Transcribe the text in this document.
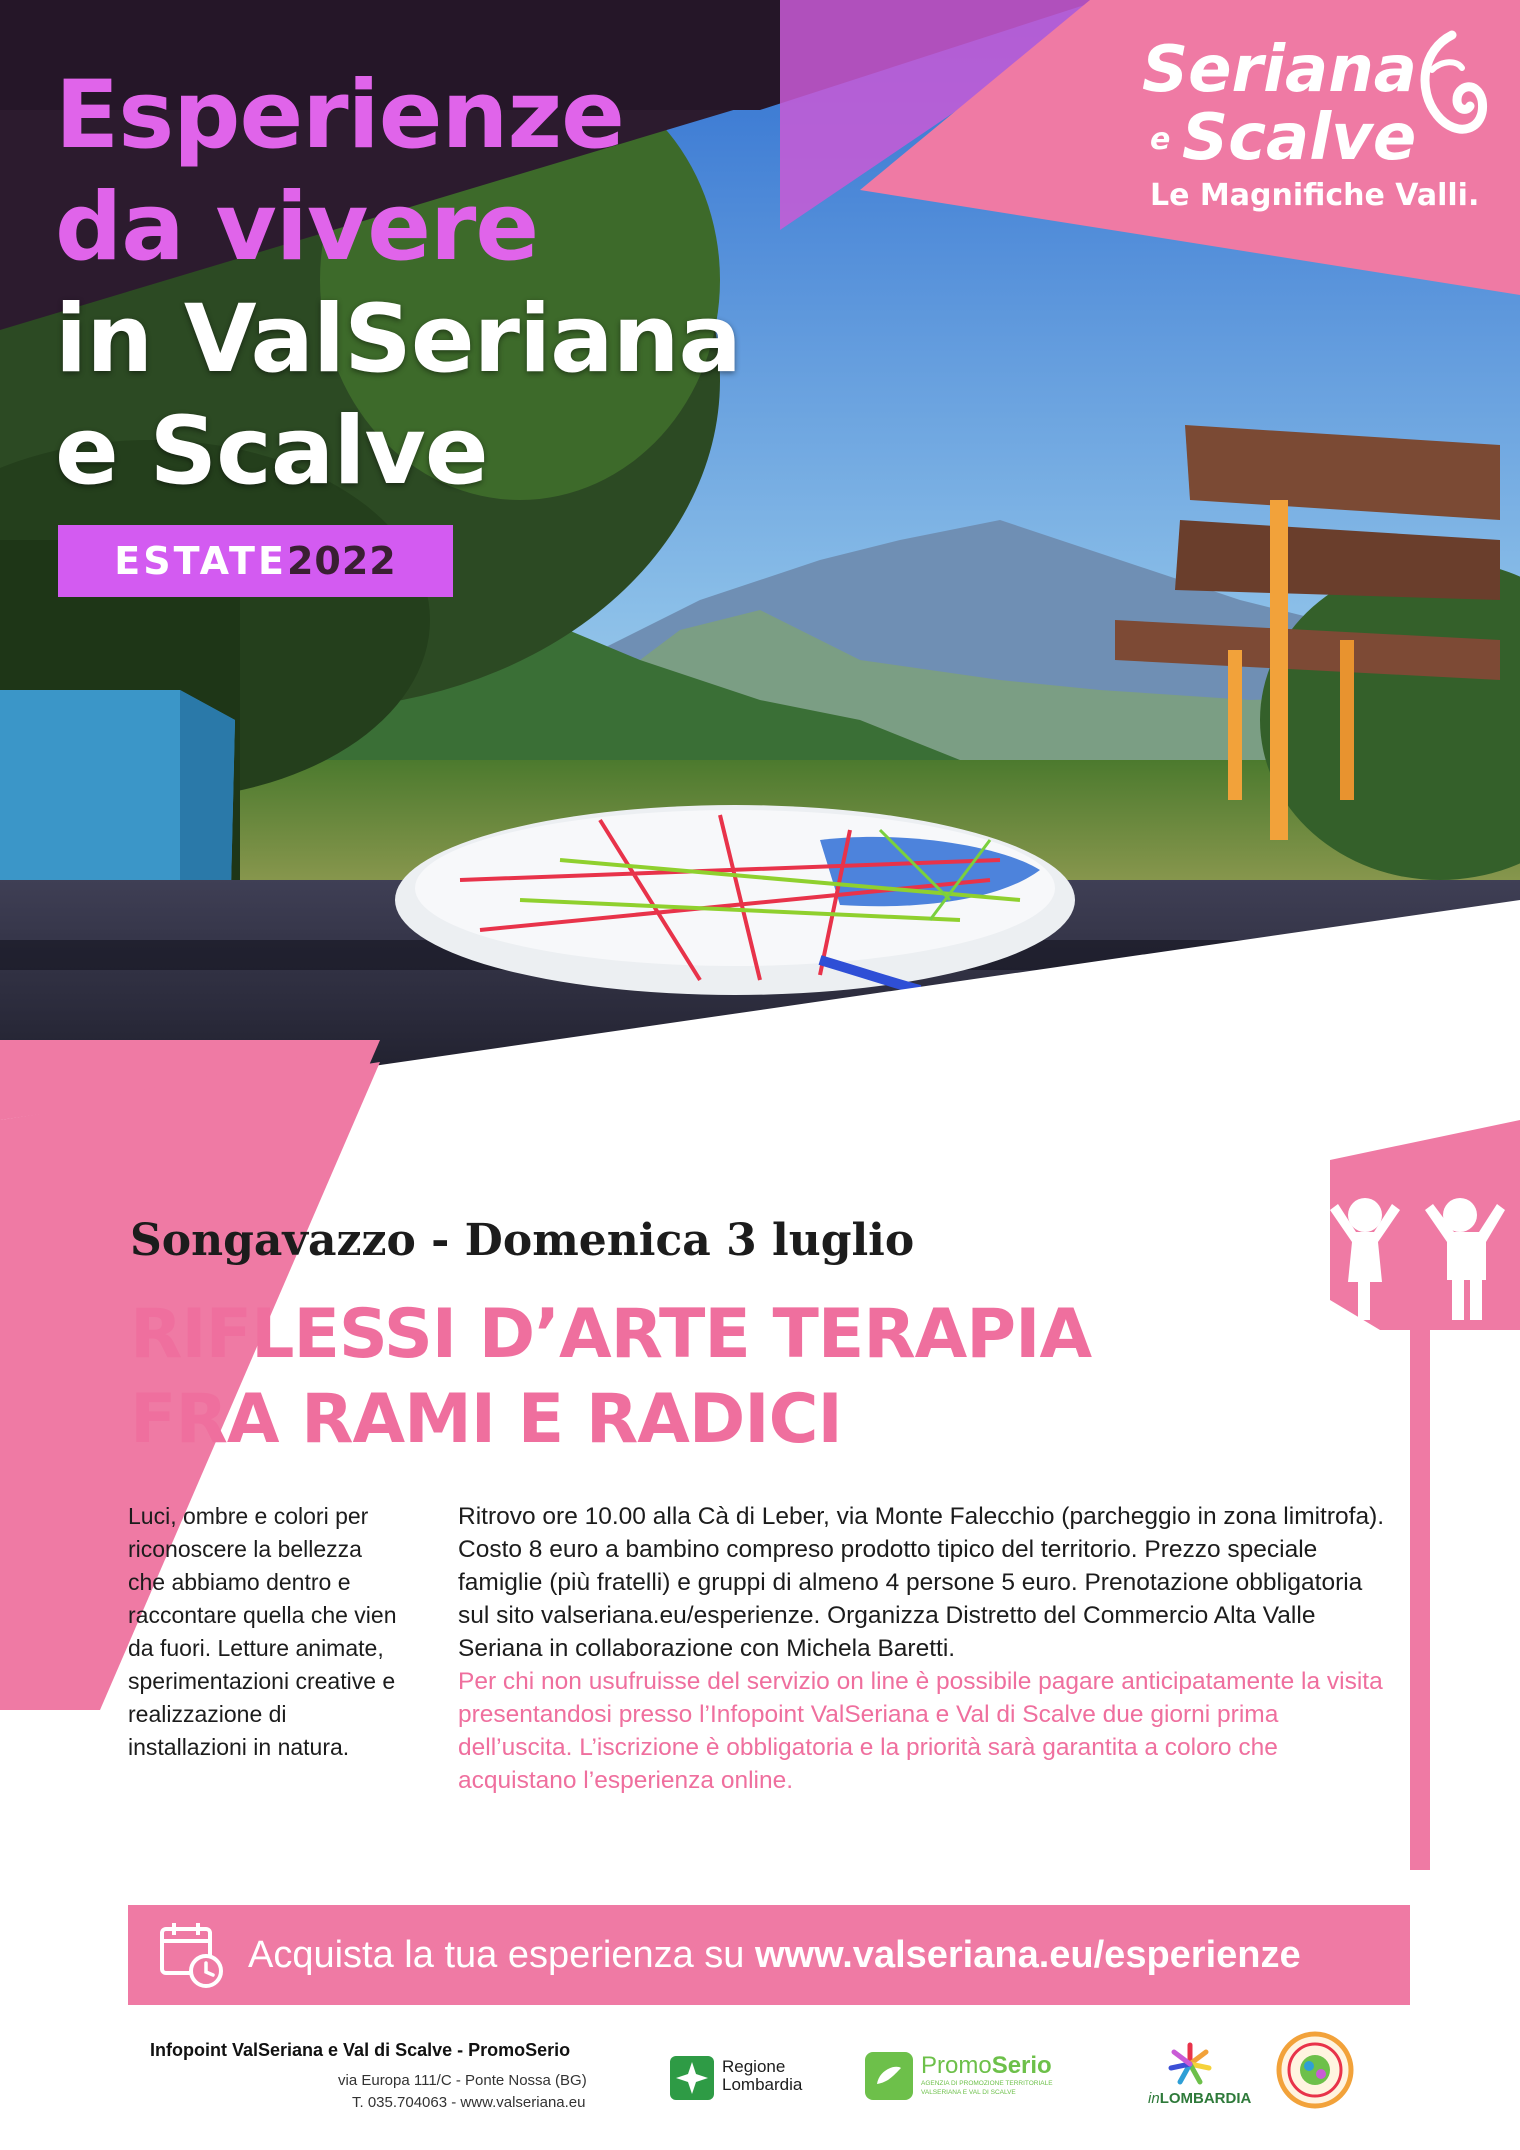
Esperienze
da vivere
in ValSeriana
e Scalve
ESTATE 2022
Seriana
e Scalve
Le Magnifiche Valli.
Songavazzo - Domenica 3 luglio
RIFLESSI D’ARTE TERAPIA
FRA RAMI E RADICI
Luci, ombre e colori per riconoscere la bellezza che abbiamo dentro e raccontare quella che vien da fuori. Letture animate, sperimentazioni creative e realizzazione di installazioni in natura.

Ritrovo ore 10.00 alla Cà di Leber, via Monte Falecchio (parcheggio in zona limitrofa). Costo 8 euro a bambino compreso prodotto tipico del territorio. Prezzo speciale famiglie (più fratelli) e gruppi di almeno 4 persone 5 euro. Prenotazione obbligatoria sul sito valseriana.eu/esperienze. Organizza Distretto del Commercio Alta Valle Seriana in collaborazione con Michela Baretti.

Per chi non usufruisse del servizio on line è possibile pagare anticipatamente la visita presentandosi presso l’Infopoint ValSeriana e Val di Scalve due giorni prima dell’uscita. L’iscrizione è obbligatoria e la priorità sarà garantita a coloro che acquistano l’esperienza online.

Acquista la tua esperienza su www.valseriana.eu/esperienze
Infopoint ValSeriana e Val di Scalve - PromoSerio
via Europa 111/C - Ponte Nossa (BG)
T. 035.704063 - www.valseriana.eu
Regione
Lombardia
PromoSerio
AGENZIA DI PROMOZIONE TERRITORIALE
VALSERIANA E VAL DI SCALVE	inLOMBARDIA
